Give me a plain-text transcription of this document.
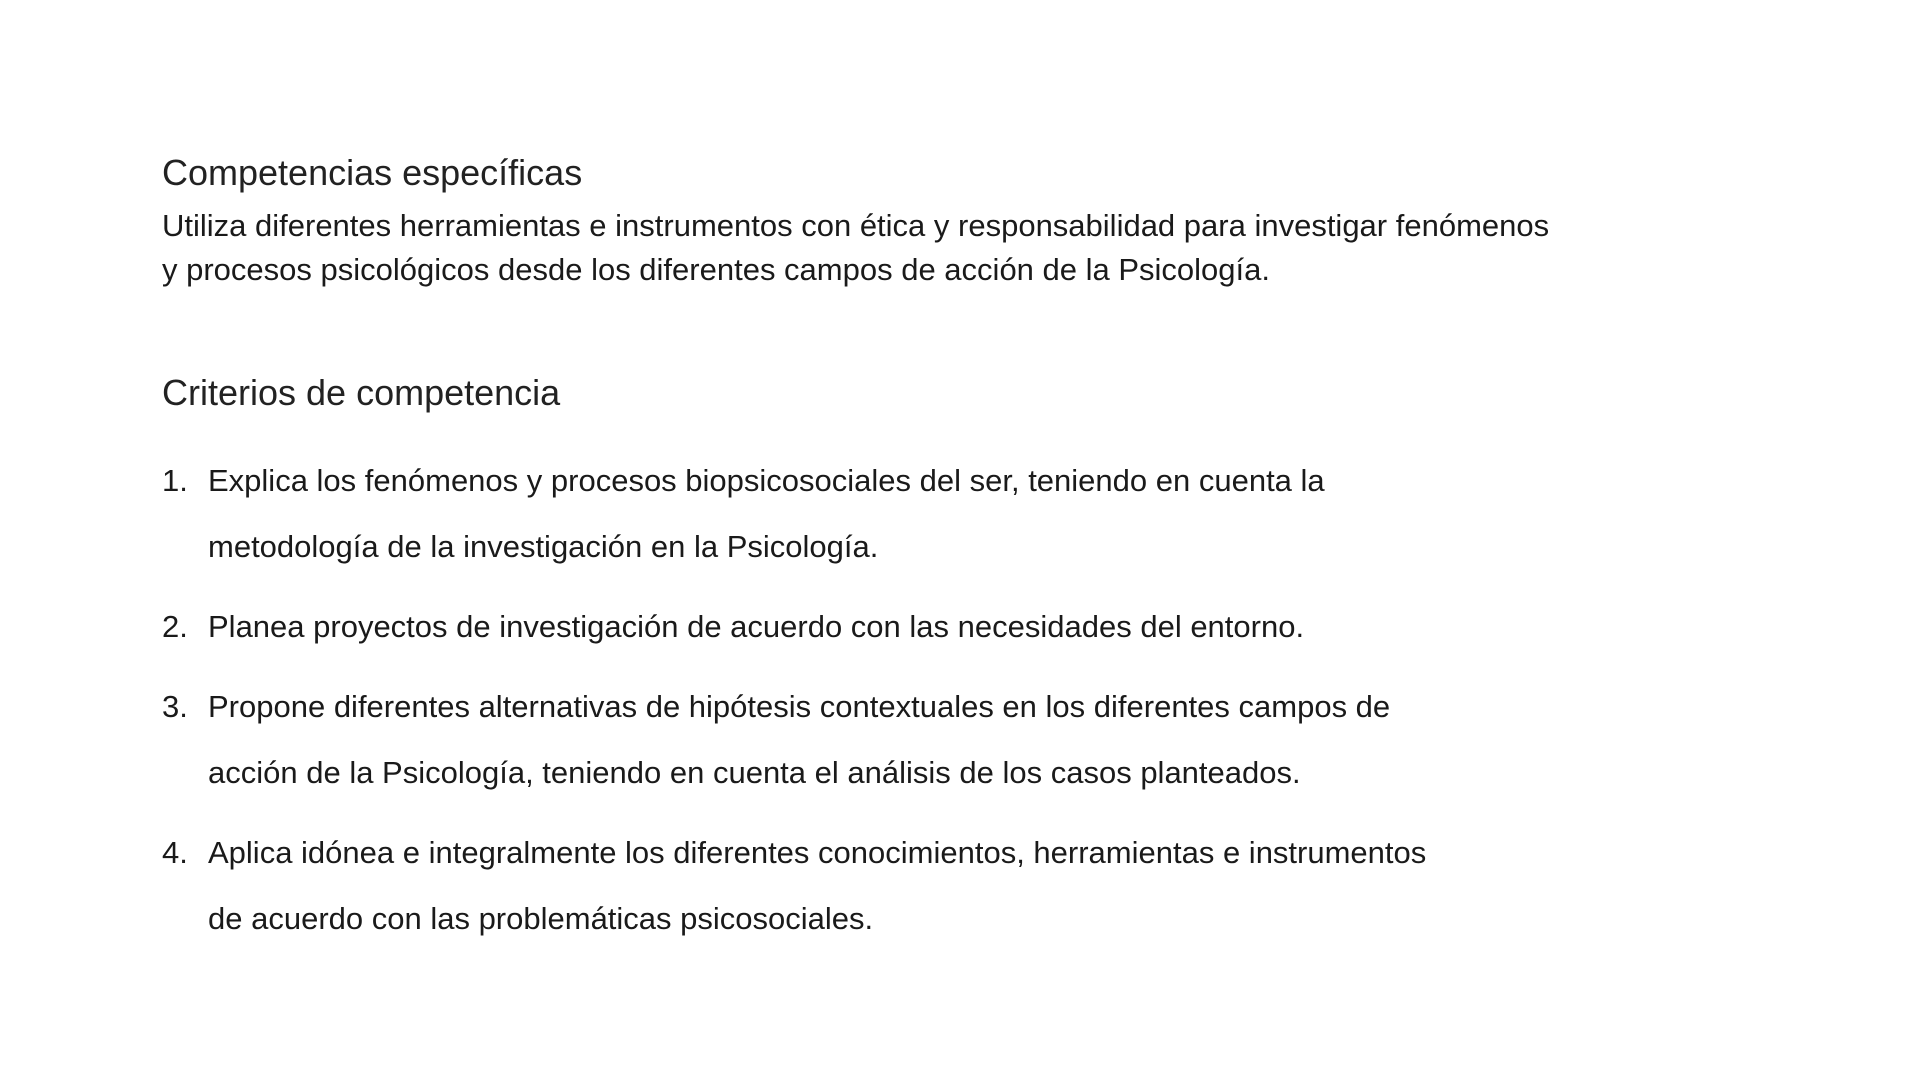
Competencias específicas

Utiliza diferentes herramientas e instrumentos con ética y responsabilidad para investigar fenómenos y procesos psicológicos desde los diferentes campos de acción de la Psicología.

Criterios de competencia
1. Explica los fenómenos y procesos biopsicosociales del ser, teniendo en cuenta la metodología de la investigación en la Psicología.
2. Planea proyectos de investigación de acuerdo con las necesidades del entorno.
3. Propone diferentes alternativas de hipótesis contextuales en los diferentes campos de acción de la Psicología, teniendo en cuenta el análisis de los casos planteados.
4. Aplica idónea e integralmente los diferentes conocimientos, herramientas e instrumentos de acuerdo con las problemáticas psicosociales.
